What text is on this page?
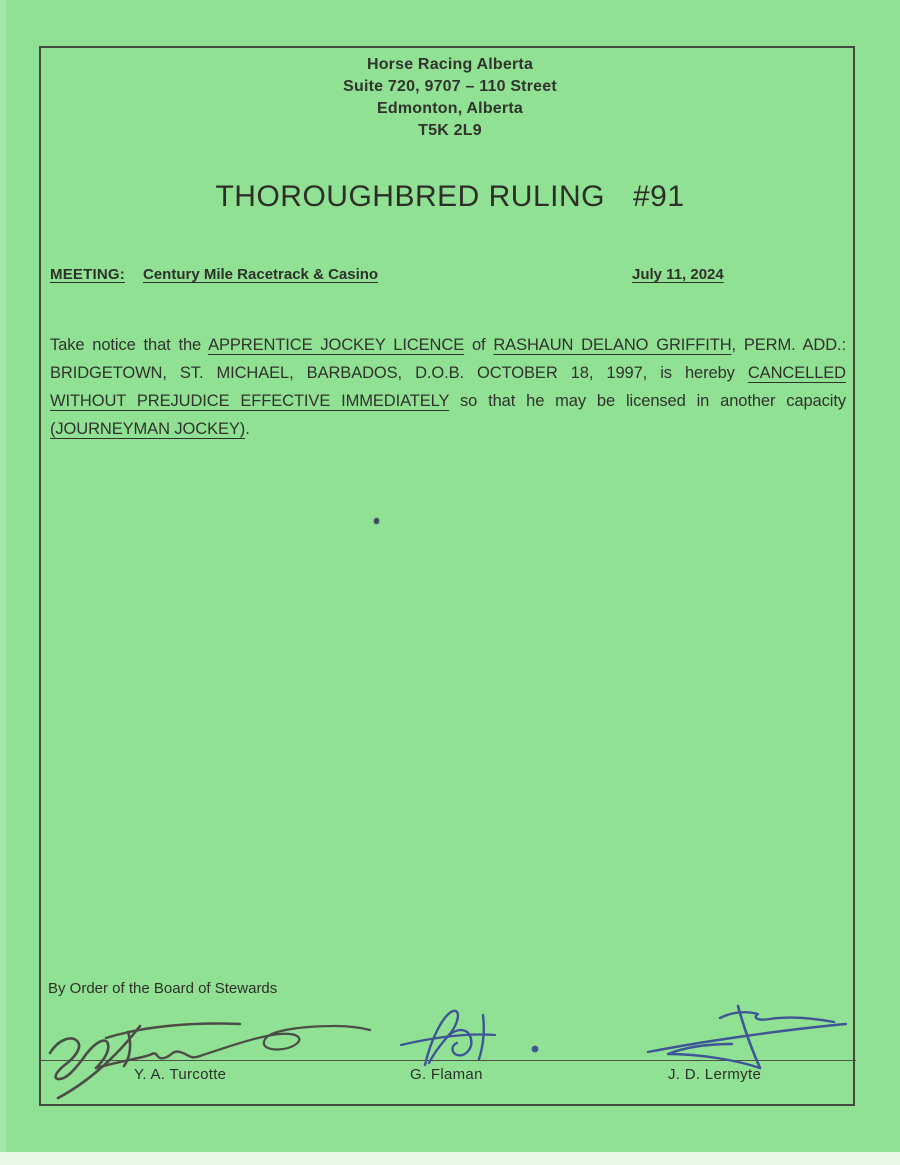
Horse Racing Alberta
Suite 720, 9707 – 110 Street
Edmonton, Alberta
T5K 2L9
THOROUGHBRED RULING #91
MEETING: Century Mile Racetrack & Casino	July 11, 2024
Take notice that the APPRENTICE JOCKEY LICENCE of RASHAUN DELANO GRIFFITH, PERM. ADD.:
BRIDGETOWN, ST. MICHAEL, BARBADOS, D.O.B. OCTOBER 18, 1997, is hereby CANCELLED
WITHOUT PREJUDICE EFFECTIVE IMMEDIATELY so that he may be licensed in another capacity
(JOURNEYMAN JOCKEY).
By Order of the Board of Stewards
Y. A. Turcotte	G. Flaman	J. D. Lermyte
